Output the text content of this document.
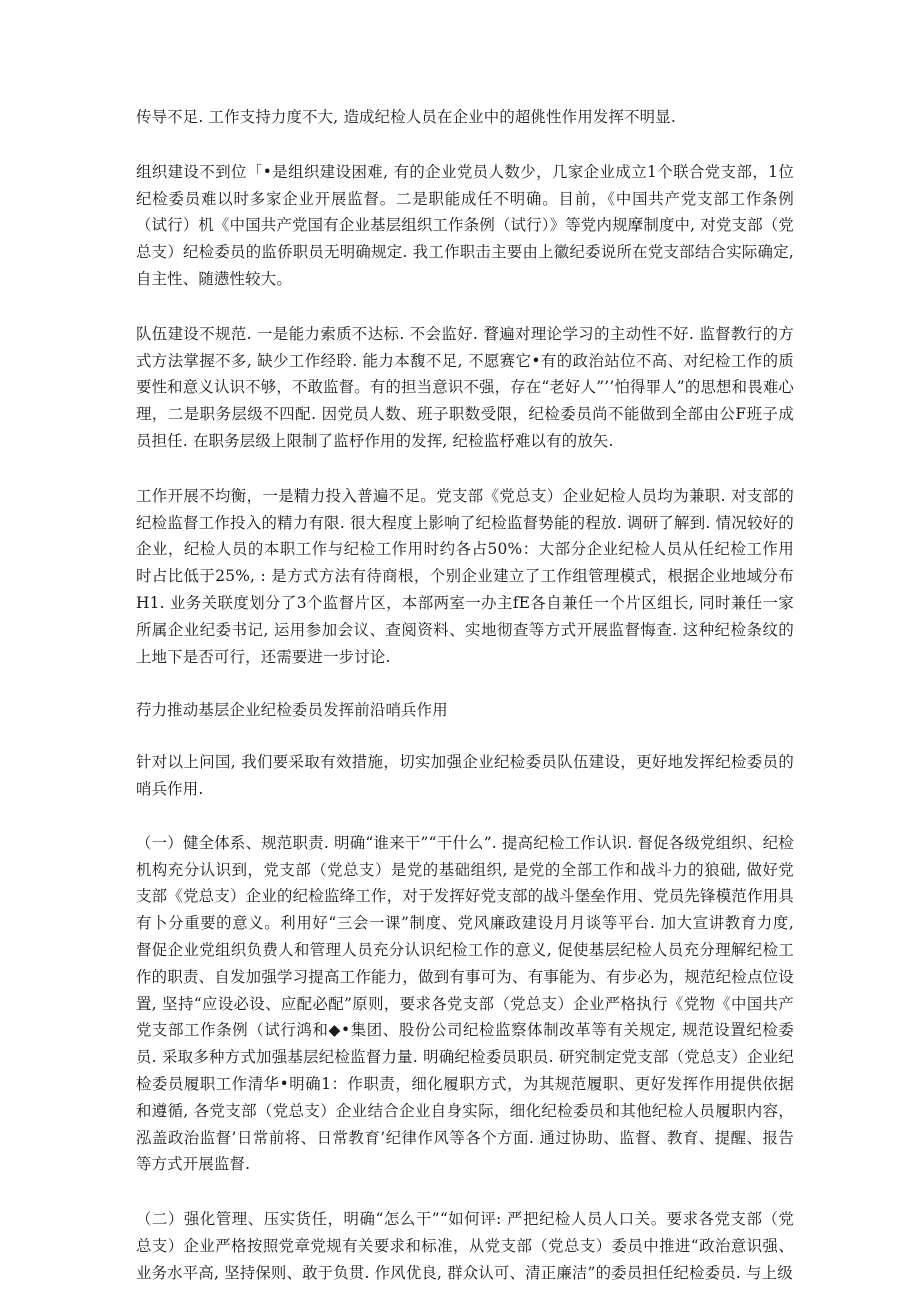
传导不足. 工作支持力度不大, 造成纪检人员在企业中的超佻性作用发挥不明显.

组织建设不到位「•是组织建设困难, 有的企业党员人数少，几家企业成立1个联合党支部，1位纪检委员难以时多家企业开展监督。二是职能成任不明确。目前，《中国共产党支部工作条例（试行）机《中国共产党国有企业基层组织工作条例（试行）》等党内规摩制度中, 对党支部（党总支）纪检委员的监侨职员无明确规定. 我工作职击主要由上徽纪委说所在党支部结合实际确定, 自主性、随懑性较大。

队伍建设不规范. 一是能力索质不达标. 不会监好. 瞀遍对理论学习的主动性不好. 监督教行的方式方法掌握不多, 缺少工作经聆. 能力本馥不足, 不愿赛它•有的政治站位不高、对纪检工作的质要性和意义认识不够，不敢监督。有的担当意识不强，存在“老好人”’’怕得罪人”的思想和畏难心理，二是职务层级不四配. 因党员人数、班子职数受限，纪检委员尚不能做到全部由公F班子成员担任. 在职务层级上限制了监杼作用的发挥, 纪检监杼难以有的放矢.

工作开展不均衡，一是精力投入普遍不足。党支部《党总支）企业妃检人员均为兼职. 对支部的纪检监督工作投入的精力有限. 很大程度上影响了纪检监督势能的程放. 调研了解到. 情况较好的企业，纪检人员的本职工作与纪检工作用时约各占50%：大部分企业纪检人员从任纪检工作用时占比低于25%, : 是方式方法有待商根，个别企业建立了工作组管理模式，根据企业地域分布H1. 业务关联度划分了3个监督片区，本部两室一办主fE各自兼任一个片区组长, 同时兼任一家所属企业纪委书记, 运用参加会议、查阅资料、实地彻查等方式开展监督悔查. 这种纪检条纹的上地下是否可行，还需要进一步讨论.

荇力推动基层企业纪检委员发挥前沿哨兵作用

针对以上问国, 我们要采取有效措施，切实加强企业纪检委员队伍建设，更好地发挥纪检委员的哨兵作用.

（一）健全体系、规范职责. 明确“谁来干”“干什么”. 提高纪检工作认识. 督促各级党组织、纪检机构充分认识到，党支部（党总支）是党的基础组织, 是党的全部工作和战斗力的狼础, 做好党支部《党总支）企业的纪检监绛工作，对于发挥好党支部的战斗堡垒作用、党员先锋模范作用具有卜分重要的意义。利用好“三会一课”制度、党风廉政建设月月谈等平台. 加大宣讲教育力度, 督促企业党组织负费人和管理人员充分认识纪检工作的意义, 促使基层纪检人员充分理解纪检工作的职责、自发加强学习提高工作能力，做到有事可为、有事能为、有步必为，规范纪检点位设置, 坚持“应设必设、应配必配”原则，要求各党支部（党总支）企业严格执行《党物《中国共产党支部工作条例（试行鸿和◆•集团、股份公司纪检监察体制改革等有关规定, 规范设置纪检委员. 采取多种方式加强基层纪检监督力量. 明确纪检委员职员. 研究制定党支部（党总支）企业纪检委员履职工作清华•明确1：作职责，细化履职方式，为其规范履职、更好发挥作用提供依据和遵循, 各党支部（党总支）企业结合企业自身实际，细化纪检委员和其他纪检人员履职内容，泓盖政治监督’日常前将、日常教育’纪律作风等各个方面. 通过协助、监督、教育、提醒、报告等方式开展监督.

（二）强化管理、压实货任，明确“怎么干”“如何评: 严把纪检人员人口关。要求各党支部（党总支）企业严格按照党章党规有关要求和标准，从党支部（党总支）委员中推进“政治意识强、业务水平高, 坚持保则、敢于负贯. 作风优良, 群众认可、清正廉洁”的委员担任纪检委员. 与上级
